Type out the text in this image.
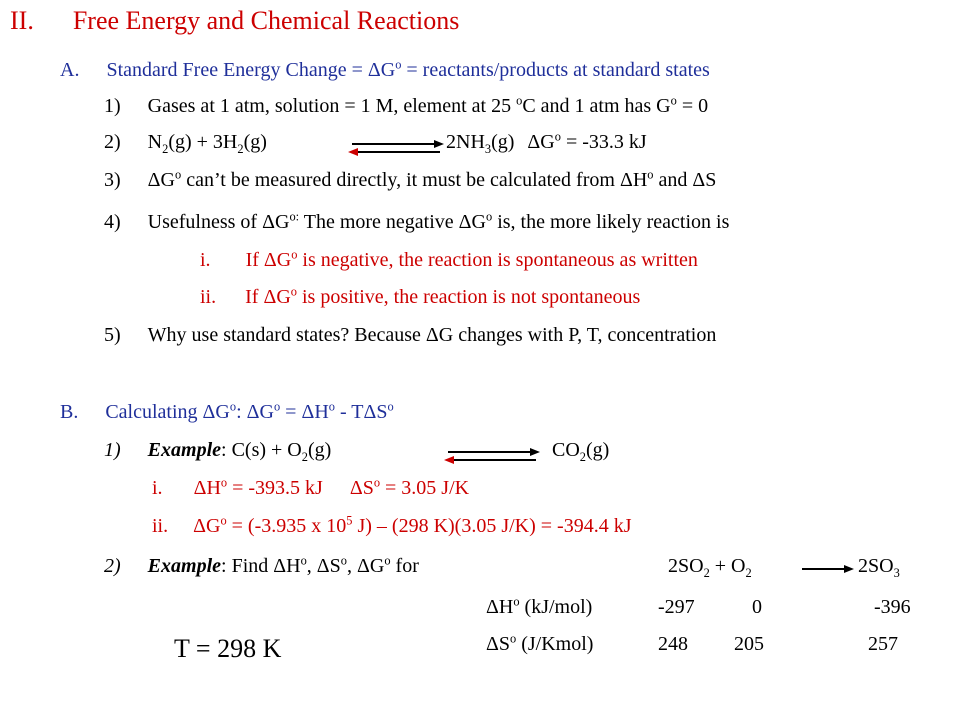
II. Free Energy and Chemical Reactions
A. Standard Free Energy Change = $\Delta G^o$ = reactants/products at standard states
1) Gases at 1 atm, solution = 1 M, element at 25 $^o$C and 1 atm has $G^o = 0$
2) $N_2(g) + 3H_2(g)$	$2NH_3(g) \Delta G^o = -33.3$ kJ
3) $\Delta G^o$ can’t be measured directly, it must be calculated from $\Delta H^o$ and ΔS
4) Usefulness of $\Delta G^{o:}$ The more negative $\Delta G^o$ is, the more likely reaction is
i. If $\Delta G^o$ is negative, the reaction is spontaneous as written
ii. If $\Delta G^o$ is positive, the reaction is not spontaneous
5) Why use standard states? Because ΔG changes with P, T, concentration
B. Calculating $\Delta G^o$: $\Delta G^o = \Delta H^o - T\Delta S^o$
1) Example: $C(s) + O_2(g)$	$CO_2(g)$
i. $\Delta H^o = -393.5$ kJ $\Delta S^o = 3.05$ J/K
ii. $\Delta G^o = (-3.935$ x $10^5$ J) – (298 K)(3.05 J/K) = -394.4 kJ
2) Example: Find $\Delta H^o$, $\Delta S^o$, $\Delta G^o$ for	$2SO_2 + O_2$	→ $2SO_3$
$\Delta H^o$ (kJ/mol)	-297	0	-396
$\Delta S^o$ (J/Kmol)	248 205	257
T = 298 K
